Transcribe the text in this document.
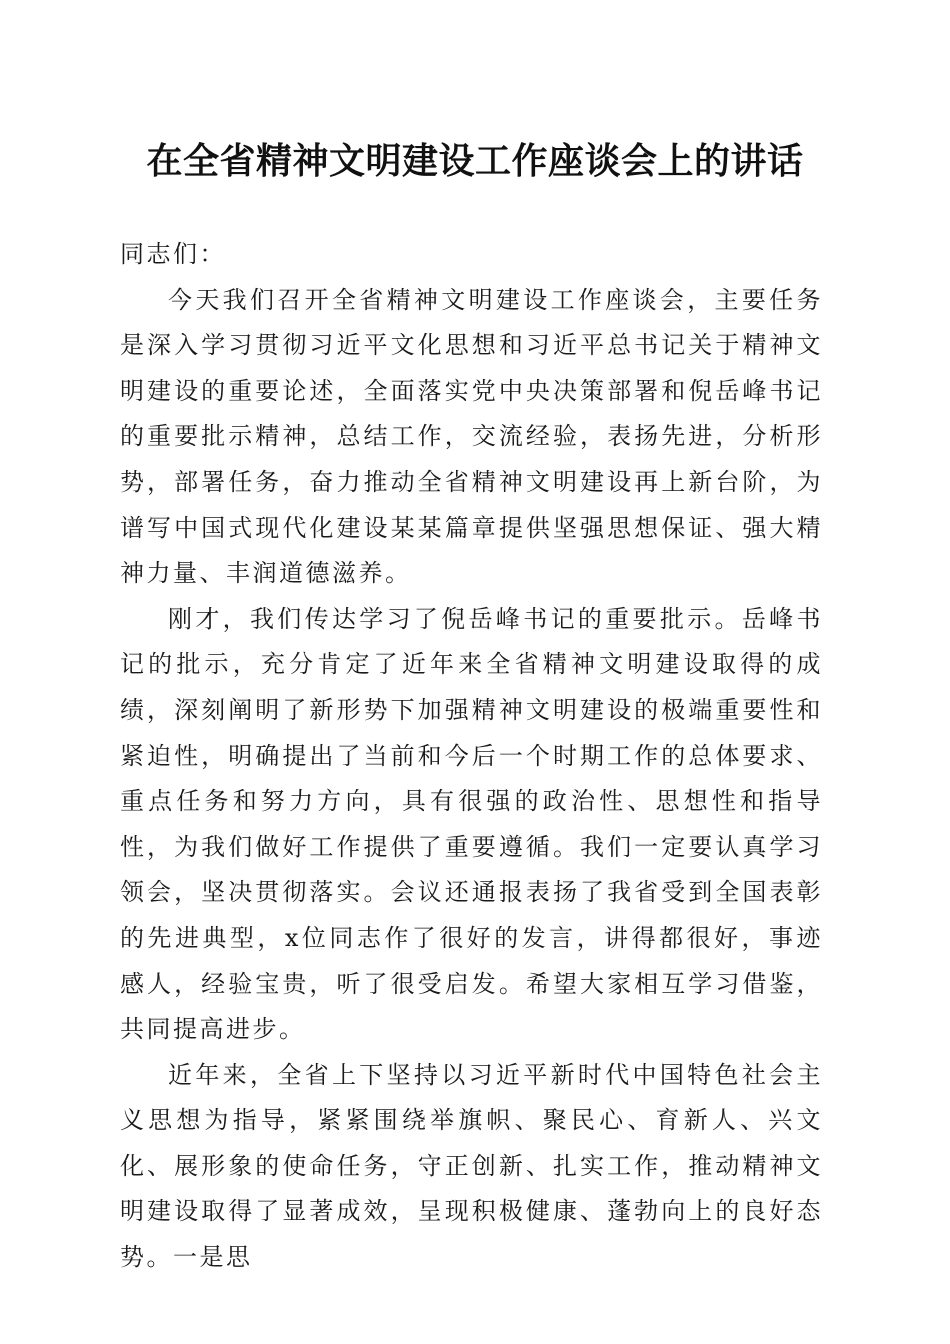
在全省精神文明建设工作座谈会上的讲话

同志们：

今天我们召开全省精神文明建设工作座谈会，主要任务是深入学习贯彻习近平文化思想和习近平总书记关于精神文明建设的重要论述，全面落实党中央决策部署和倪岳峰书记的重要批示精神，总结工作，交流经验，表扬先进，分析形势，部署任务，奋力推动全省精神文明建设再上新台阶，为谱写中国式现代化建设某某篇章提供坚强思想保证、强大精神力量、丰润道德滋养。

刚才，我们传达学习了倪岳峰书记的重要批示。岳峰书记的批示，充分肯定了近年来全省精神文明建设取得的成绩，深刻阐明了新形势下加强精神文明建设的极端重要性和紧迫性，明确提出了当前和今后一个时期工作的总体要求、重点任务和努力方向，具有很强的政治性、思想性和指导性，为我们做好工作提供了重要遵循。我们一定要认真学习领会，坚决贯彻落实。会议还通报表扬了我省受到全国表彰的先进典型，x位同志作了很好的发言，讲得都很好，事迹感人，经验宝贵，听了很受启发。希望大家相互学习借鉴，共同提高进步。

近年来，全省上下坚持以习近平新时代中国特色社会主义思想为指导，紧紧围绕举旗帜、聚民心、育新人、兴文化、展形象的使命任务，守正创新、扎实工作，推动精神文明建设取得了显著成效，呈现积极健康、蓬勃向上的良好态势。一是思
